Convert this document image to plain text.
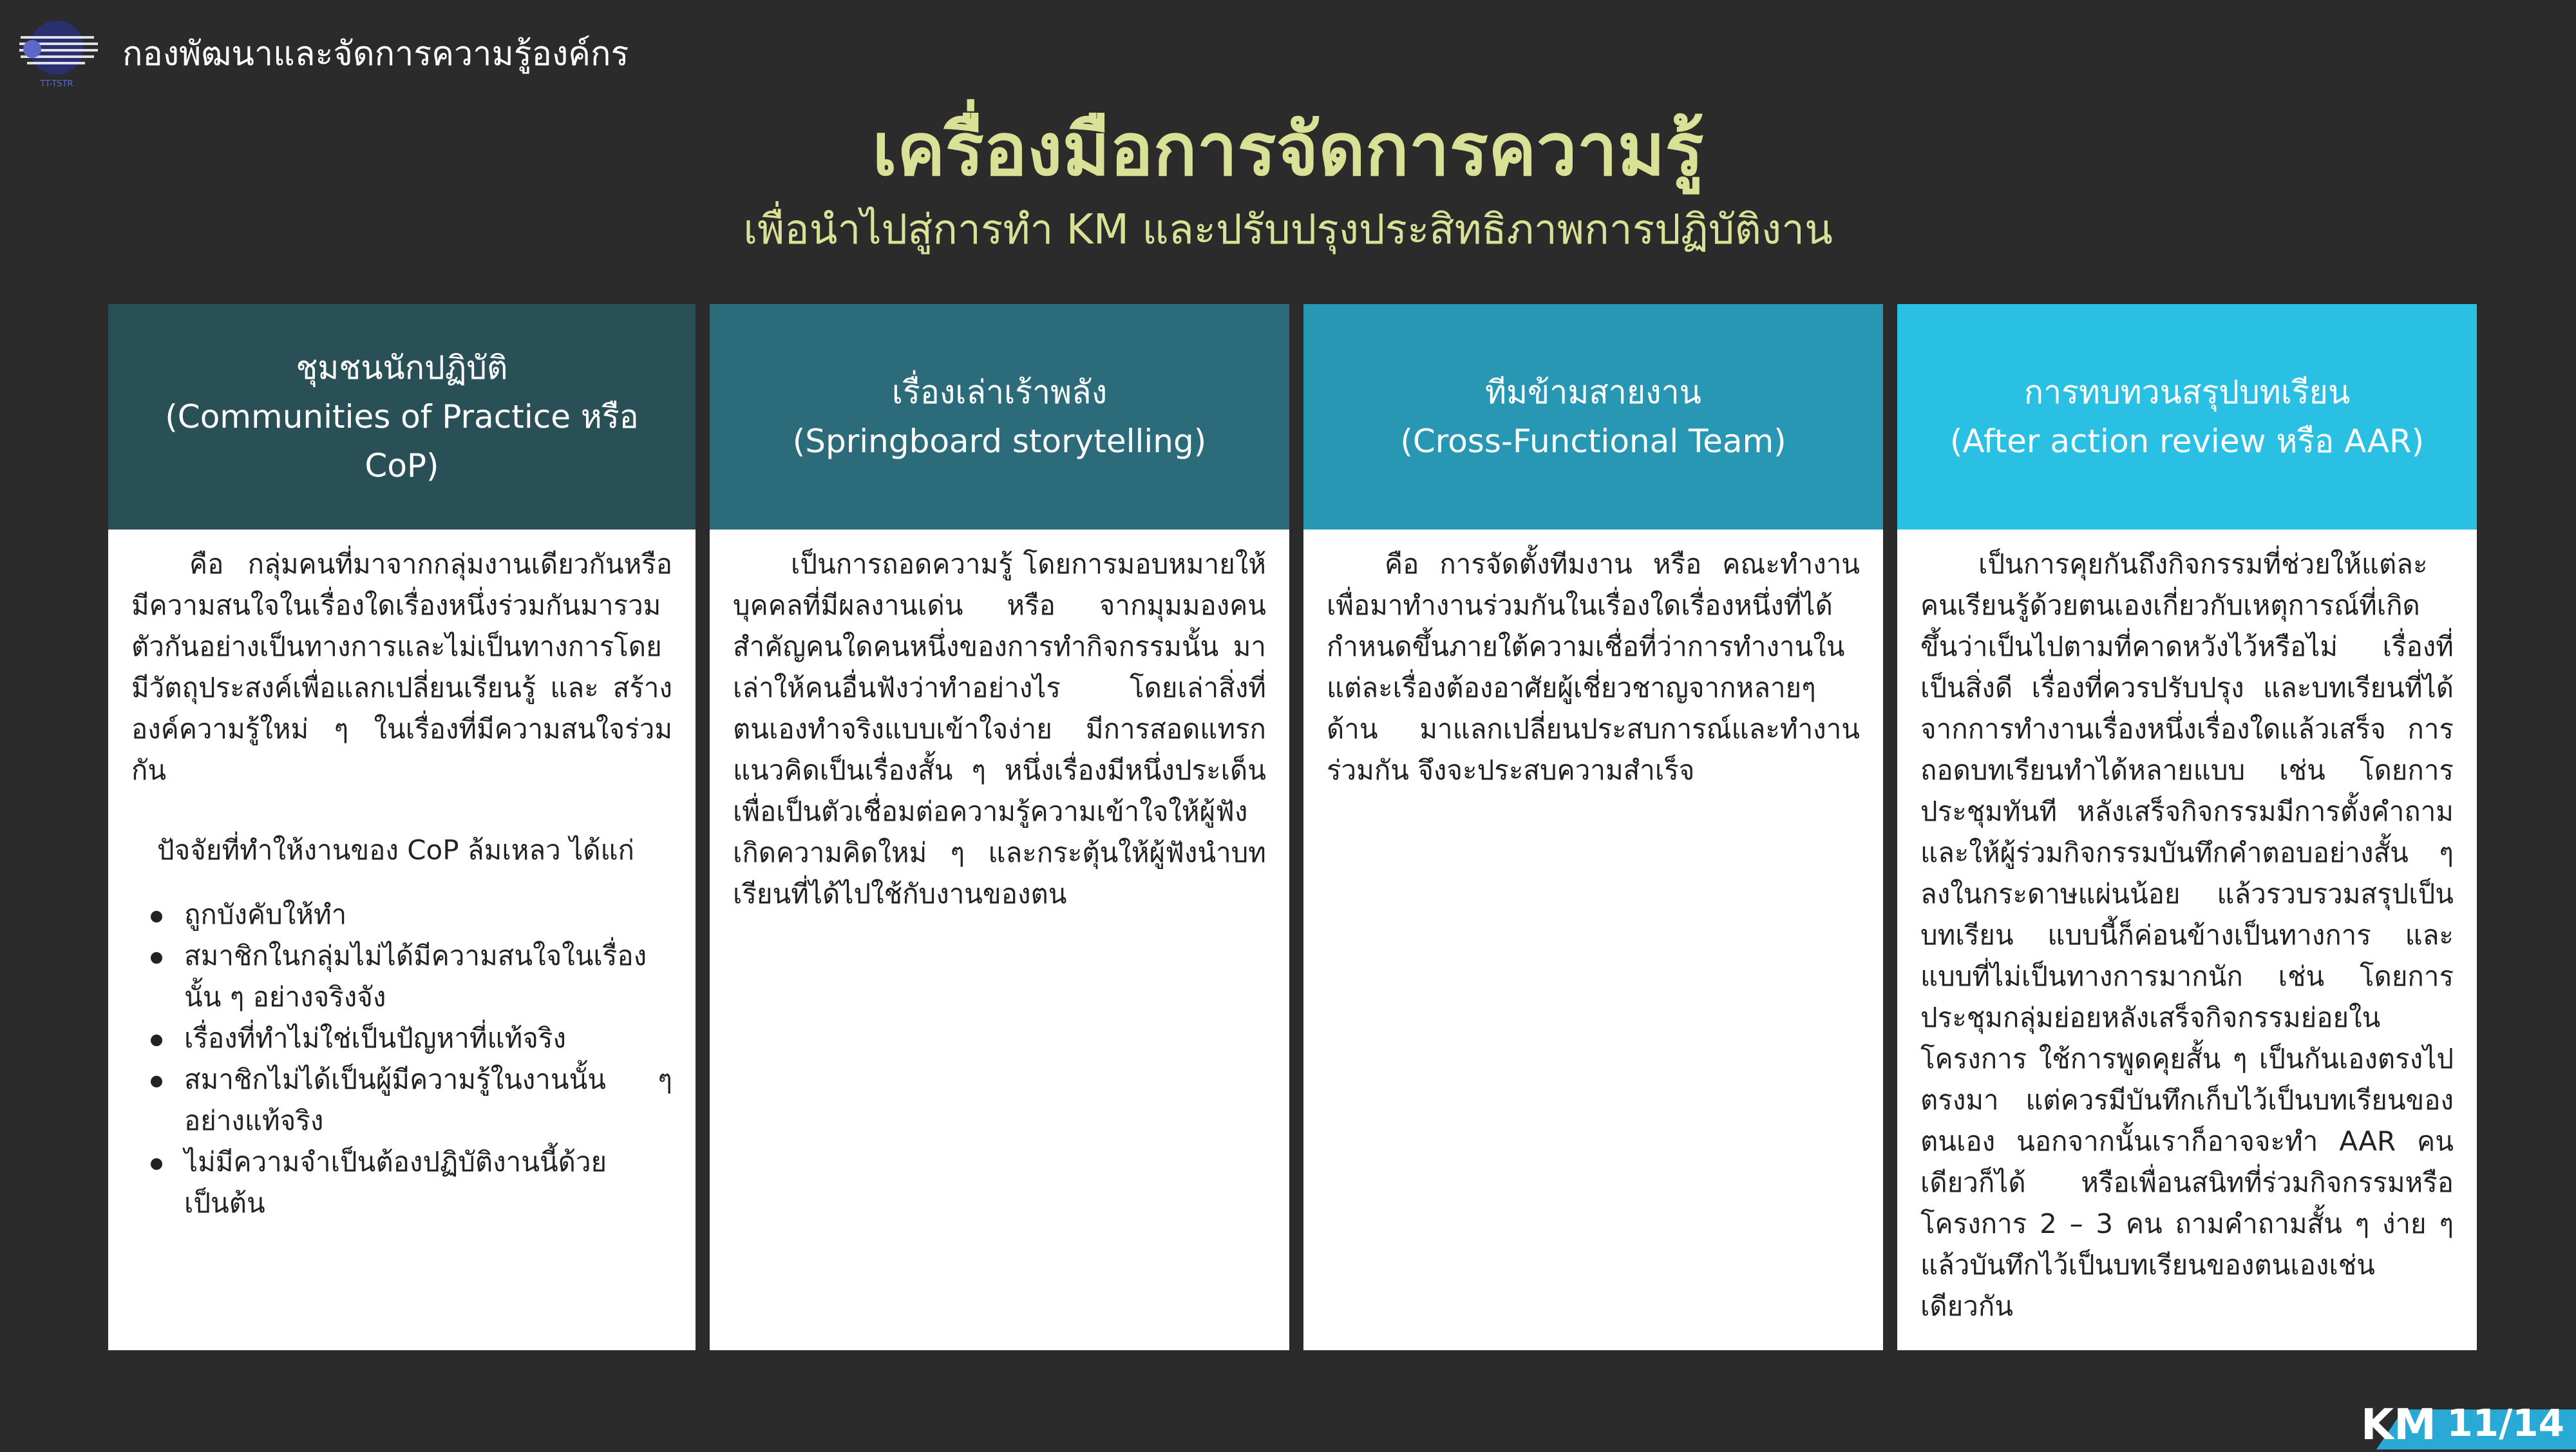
TT-TSTR
กองพัฒนาและจัดการความรู้องค์กร
เครื่องมือการจัดการความรู้
เพื่อนำไปสู่การทำ KM และปรับปรุงประสิทธิภาพการปฏิบัติงาน
ชุมชนนักปฏิบัติ
(Communities of Practice หรือ CoP)

คือ กลุ่มคนที่มาจากกลุ่มงานเดียวกันหรือมีความสนใจในเรื่องใดเรื่องหนึ่งร่วมกันมารวมตัวกันอย่างเป็นทางการและไม่เป็นทางการโดยมีวัตถุประสงค์เพื่อแลกเปลี่ยนเรียนรู้ และ สร้างองค์ความรู้ใหม่ ๆ ในเรื่องที่มีความสนใจร่วมกัน

ปัจจัยที่ทำให้งานของ CoP ล้มเหลว ได้แก่
ถูกบังคับให้ทำ
สมาชิกในกลุ่มไม่ได้มีความสนใจในเรื่องนั้น ๆ อย่างจริงจัง
เรื่องที่ทำไม่ใช่เป็นปัญหาที่แท้จริง
สมาชิกไม่ได้เป็นผู้มีความรู้ในงานนั้น ๆ อย่างแท้จริง
ไม่มีความจำเป็นต้องปฏิบัติงานนี้ด้วย เป็นต้น
เรื่องเล่าเร้าพลัง
(Springboard storytelling)

เป็นการถอดความรู้ โดยการมอบหมายให้บุคคลที่มีผลงานเด่น หรือ จากมุมมองคนสำคัญคนใดคนหนึ่งของการทำกิจกรรมนั้น มาเล่าให้คนอื่นฟังว่าทำอย่างไร โดยเล่าสิ่งที่ตนเองทำจริงแบบเข้าใจง่าย มีการสอดแทรกแนวคิดเป็นเรื่องสั้น ๆ หนึ่งเรื่องมีหนึ่งประเด็น เพื่อเป็นตัวเชื่อมต่อความรู้ความเข้าใจให้ผู้ฟังเกิดความคิดใหม่ ๆ และกระตุ้นให้ผู้ฟังนำบทเรียนที่ได้ไปใช้กับงานของตน

ทีมข้ามสายงาน
(Cross-Functional Team)

คือ การจัดตั้งทีมงาน หรือ คณะทำงานเพื่อมาทำงานร่วมกันในเรื่องใดเรื่องหนึ่งที่ได้กำหนดขึ้นภายใต้ความเชื่อที่ว่าการทำงานในแต่ละเรื่องต้องอาศัยผู้เชี่ยวชาญจากหลายๆ ด้าน มาแลกเปลี่ยนประสบการณ์และทำงานร่วมกัน จึงจะประสบความสำเร็จ

การทบทวนสรุปบทเรียน
(After action review หรือ AAR)

เป็นการคุยกันถึงกิจกรรมที่ช่วยให้แต่ละคนเรียนรู้ด้วยตนเองเกี่ยวกับเหตุการณ์ที่เกิดขึ้นว่าเป็นไปตามที่คาดหวังไว้หรือไม่ เรื่องที่เป็นสิ่งดี เรื่องที่ควรปรับปรุง และบทเรียนที่ได้จากการทำงานเรื่องหนึ่งเรื่องใดแล้วเสร็จ การถอดบทเรียนทำได้หลายแบบ เช่น โดยการประชุมทันที หลังเสร็จกิจกรรมมีการตั้งคำถาม และให้ผู้ร่วมกิจกรรมบันทึกคำตอบอย่างสั้น ๆ ลงในกระดาษแผ่นน้อย แล้วรวบรวมสรุปเป็นบทเรียน แบบนี้ก็ค่อนข้างเป็นทางการ และแบบที่ไม่เป็นทางการมากนัก เช่น โดยการประชุมกลุ่มย่อยหลังเสร็จกิจกรรมย่อยในโครงการ ใช้การพูดคุยสั้น ๆ เป็นกันเองตรงไปตรงมา แต่ควรมีบันทึกเก็บไว้เป็นบทเรียนของตนเอง นอกจากนั้นเราก็อาจจะทำ AAR คนเดียวก็ได้ หรือเพื่อนสนิทที่ร่วมกิจกรรมหรือโครงการ 2 – 3 คน ถามคำถามสั้น ๆ ง่าย ๆ แล้วบันทึกไว้เป็นบทเรียนของตนเองเช่นเดียวกัน

KM 11/14
